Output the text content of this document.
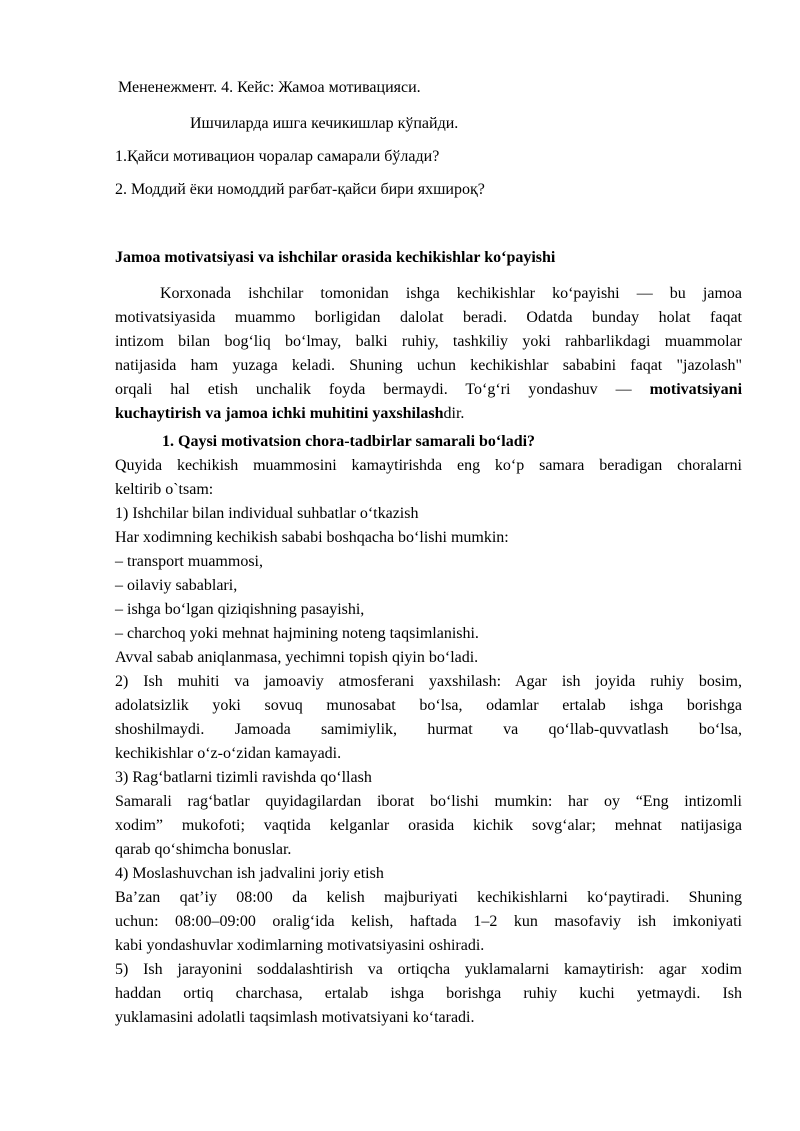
Мененежмент. 4. Кейс: Жамоа мотивацияси.

Ишчиларда ишга кечикишлар кўпайди.

1.Қайси мотивацион чоралар самарали бўлади?

2. Моддий ёки номоддий рағбат-қайси бири яхшироқ?

Jamoa motivatsiyasi va ishchilar orasida kechikishlar ko‘payishi

Korxonada ishchilar tomonidan ishga kechikishlar ko‘payishi — bu jamoa
motivatsiyasida muammo borligidan dalolat beradi. Odatda bunday holat faqat
intizom bilan bog‘liq bo‘lmay, balki ruhiy, tashkiliy yoki rahbarlikdagi muammolar
natijasida ham yuzaga keladi. Shuning uchun kechikishlar sababini faqat "jazolash"
orqali hal etish unchalik foyda bermaydi. To‘g‘ri yondashuv — motivatsiyani
kuchaytirish va jamoa ichki muhitini yaxshilashdir.

1. Qaysi motivatsion chora-tadbirlar samarali bo‘ladi?

Quyida kechikish muammosini kamaytirishda eng ko‘p samara beradigan choralarni
keltirib o`tsam:
1) Ishchilar bilan individual suhbatlar o‘tkazish
Har xodimning kechikish sababi boshqacha bo‘lishi mumkin:
– transport muammosi,
– oilaviy sabablari,
– ishga bo‘lgan qiziqishning pasayishi,
– charchoq yoki mehnat hajmining noteng taqsimlanishi.
Avval sabab aniqlanmasa, yechimni topish qiyin bo‘ladi.
2) Ish muhiti va jamoaviy atmosferani yaxshilash: Agar ish joyida ruhiy bosim,
adolatsizlik yoki sovuq munosabat bo‘lsa, odamlar ertalab ishga borishga
shoshilmaydi. Jamoada samimiylik, hurmat va qo‘llab-quvvatlash bo‘lsa,
kechikishlar o‘z-o‘zidan kamayadi.
3) Rag‘batlarni tizimli ravishda qo‘llash
Samarali rag‘batlar quyidagilardan iborat bo‘lishi mumkin: har oy “Eng intizomli
xodim” mukofoti; vaqtida kelganlar orasida kichik sovg‘alar; mehnat natijasiga
qarab qo‘shimcha bonuslar.
4) Moslashuvchan ish jadvalini joriy etish
Ba’zan qat’iy 08:00 da kelish majburiyati kechikishlarni ko‘paytiradi. Shuning
uchun: 08:00–09:00 oralig‘ida kelish, haftada 1–2 kun masofaviy ish imkoniyati
kabi yondashuvlar xodimlarning motivatsiyasini oshiradi.
5) Ish jarayonini soddalashtirish va ortiqcha yuklamalarni kamaytirish: agar xodim
haddan ortiq charchasa, ertalab ishga borishga ruhiy kuchi yetmaydi. Ish
yuklamasini adolatli taqsimlash motivatsiyani ko‘taradi.
